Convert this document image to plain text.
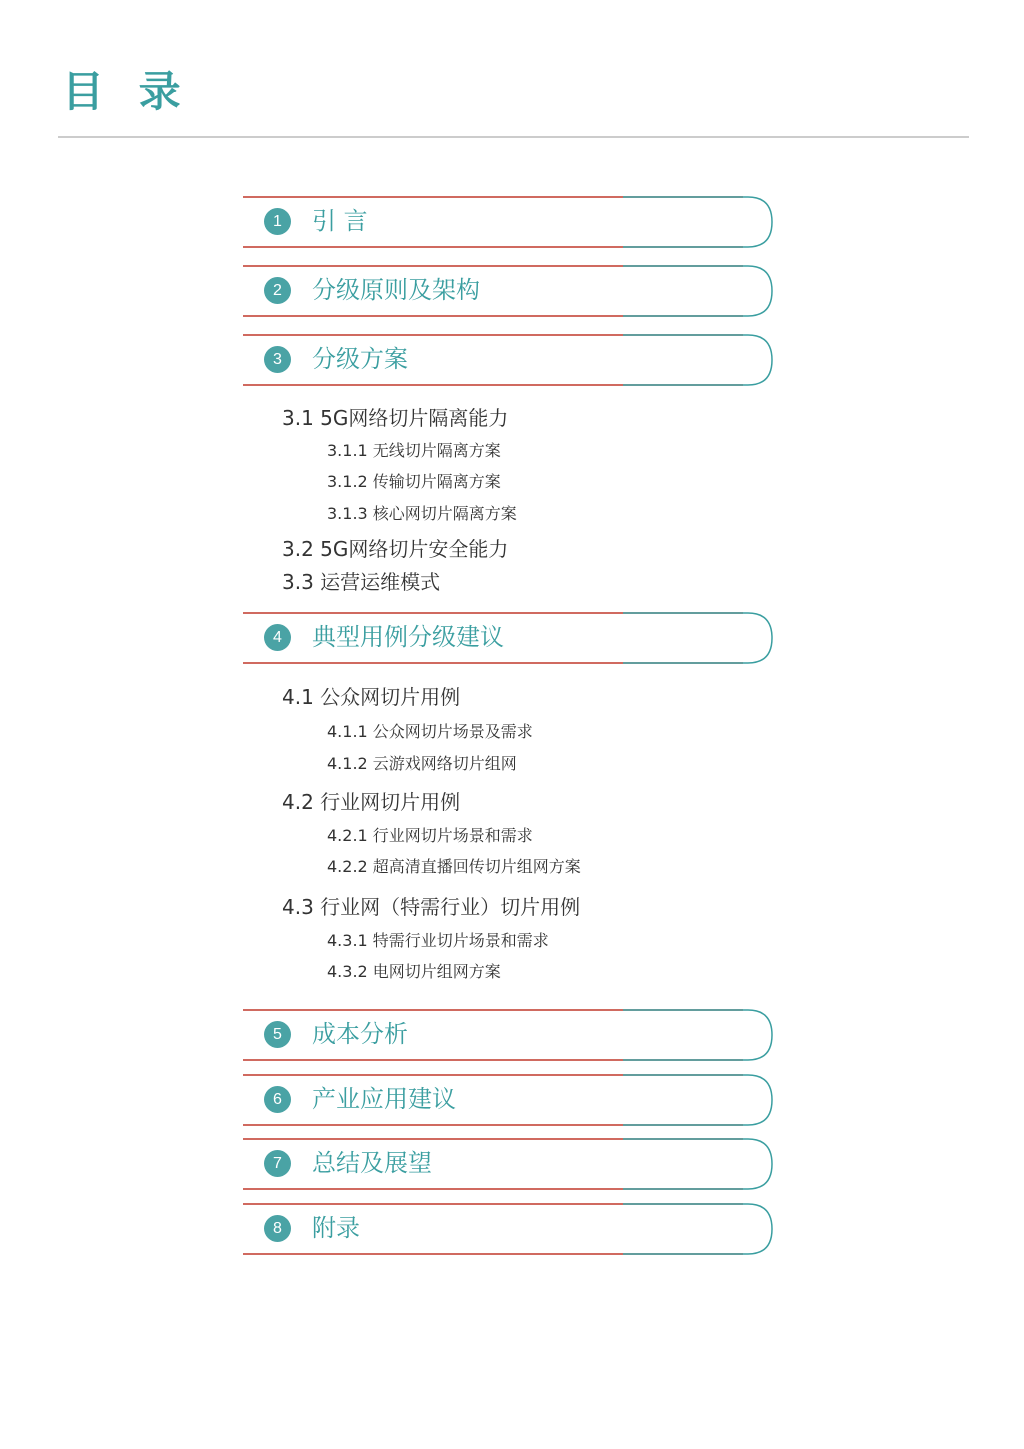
目 录
1	引 言
2	分级原则及架构
3	分级方案
3.1 5G网络切片隔离能力
3.1.1 无线切片隔离方案
3.1.2 传输切片隔离方案
3.1.3 核心网切片隔离方案
3.2 5G网络切片安全能力
3.3 运营运维模式
4	典型用例分级建议
4.1 公众网切片用例
4.1.1 公众网切片场景及需求
4.1.2 云游戏网络切片组网
4.2 行业网切片用例
4.2.1 行业网切片场景和需求
4.2.2 超高清直播回传切片组网方案
4.3 行业网（特需行业）切片用例
4.3.1 特需行业切片场景和需求
4.3.2 电网切片组网方案
5	成本分析
6	产业应用建议
7	总结及展望
8	附录
